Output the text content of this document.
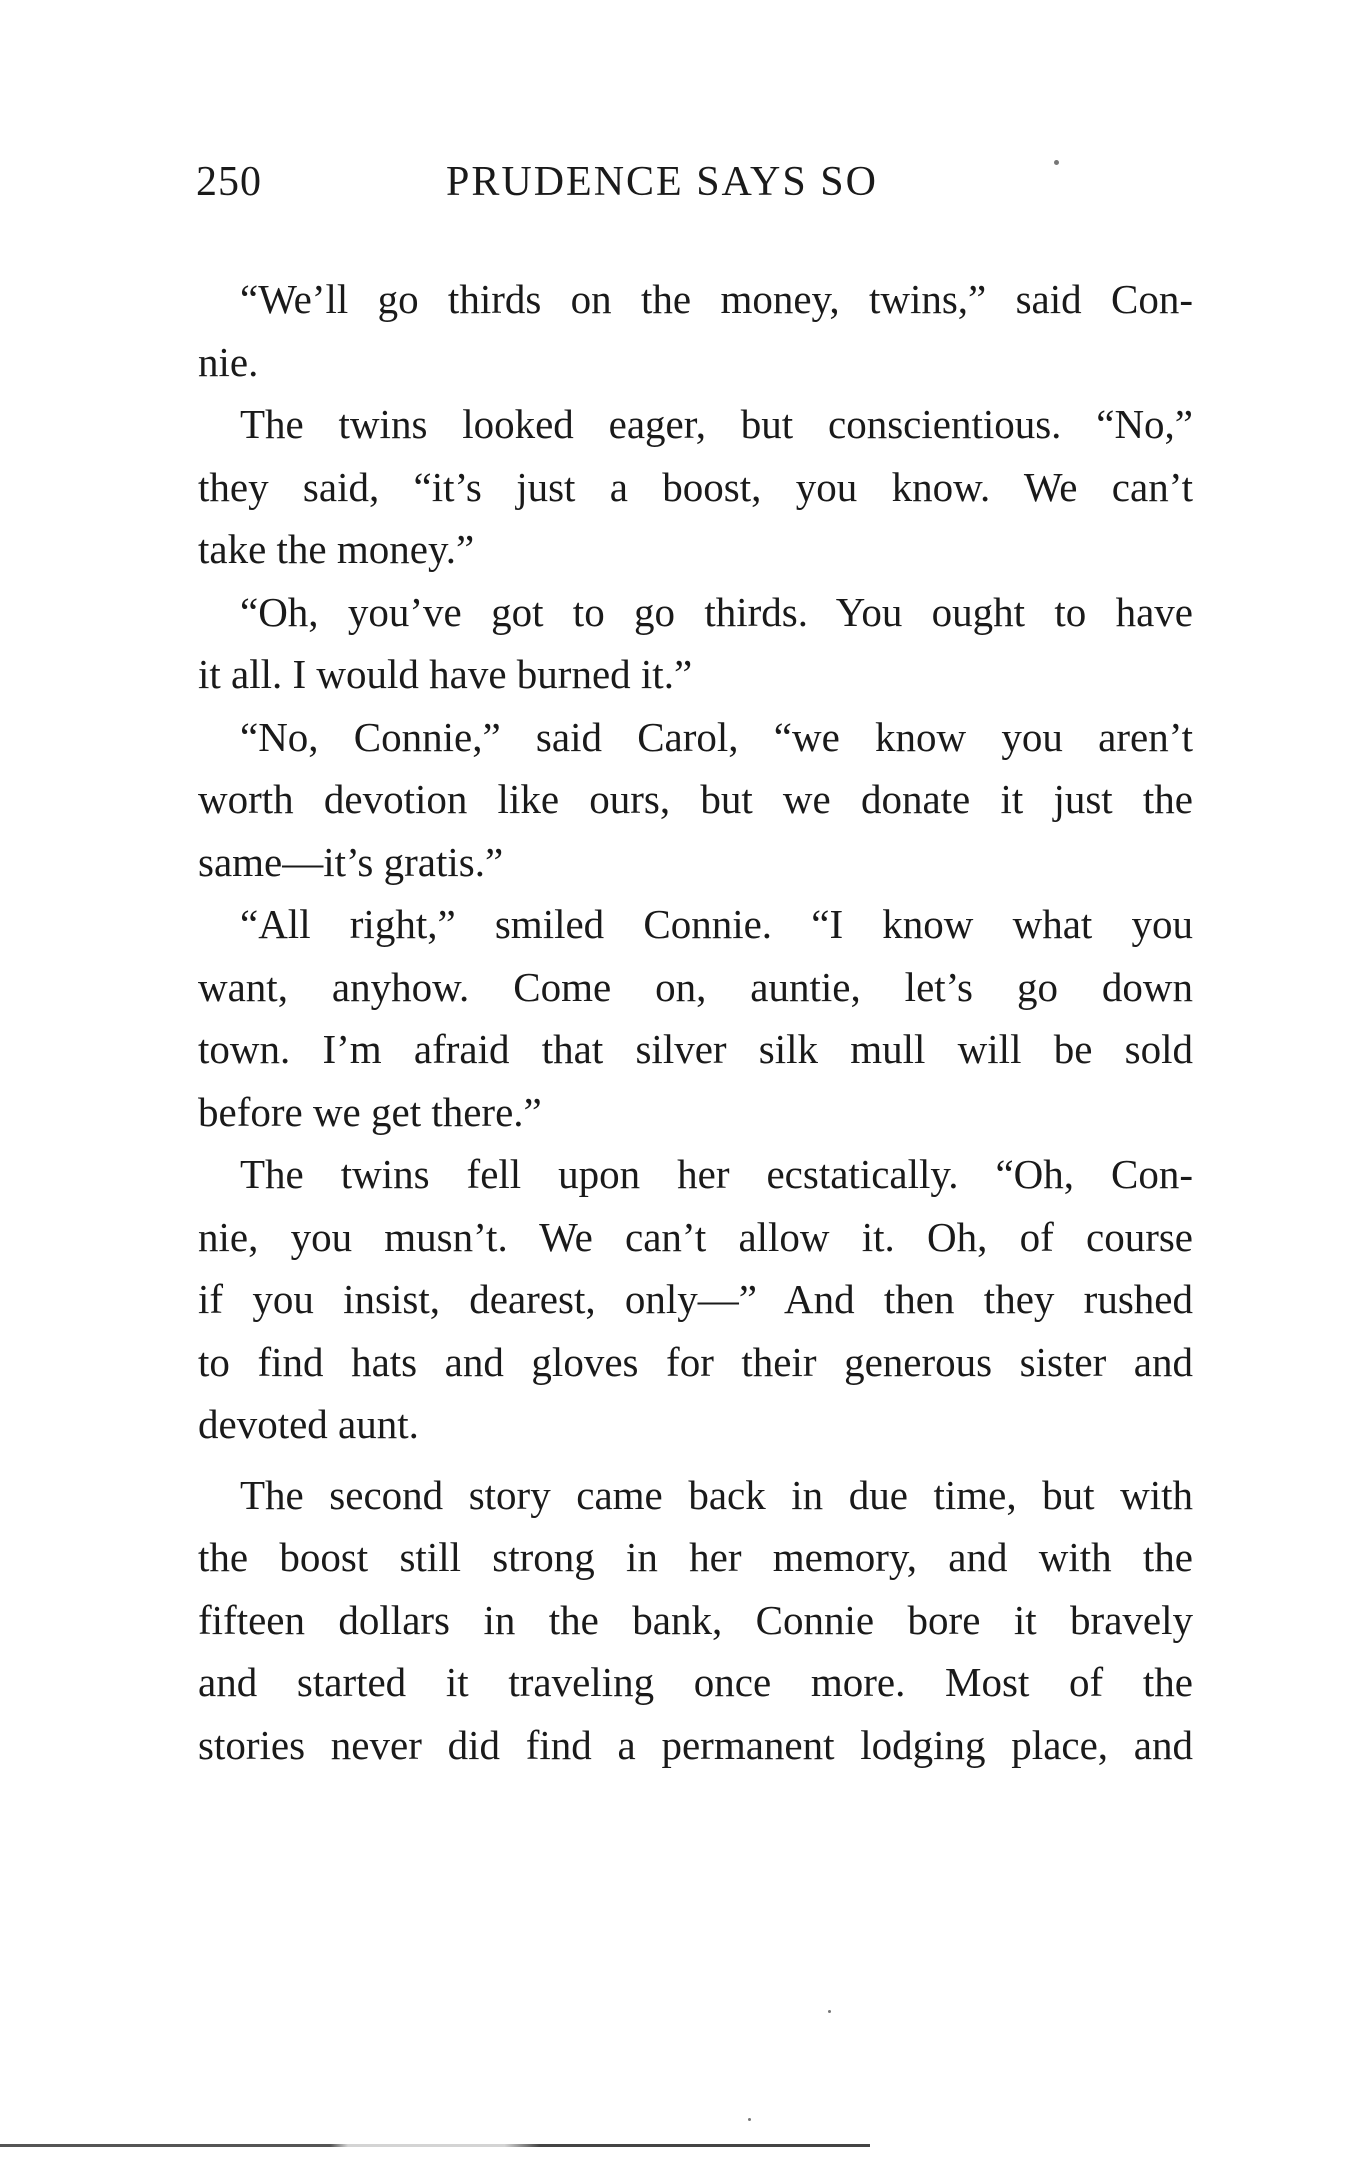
250	PRUDENCE SAYS SO
“We’ll go thirds on the money, twins,” said Con-
nie.
The twins looked eager, but conscientious. “No,”
they said, “it’s just a boost, you know. We can’t
take the money.”
“Oh, you’ve got to go thirds. You ought to have
it all. I would have burned it.”
“No, Connie,” said Carol, “we know you aren’t
worth devotion like ours, but we donate it just the
same—it’s gratis.”
“All right,” smiled Connie. “I know what you
want, anyhow. Come on, auntie, let’s go down
town. I’m afraid that silver silk mull will be sold
before we get there.”
The twins fell upon her ecstatically. “Oh, Con-
nie, you musn’t. We can’t allow it. Oh, of course
if you insist, dearest, only—” And then they rushed
to find hats and gloves for their generous sister and
devoted aunt.
The second story came back in due time, but with
the boost still strong in her memory, and with the
fifteen dollars in the bank, Connie bore it bravely
and started it traveling once more. Most of the
stories never did find a permanent lodging place, and
